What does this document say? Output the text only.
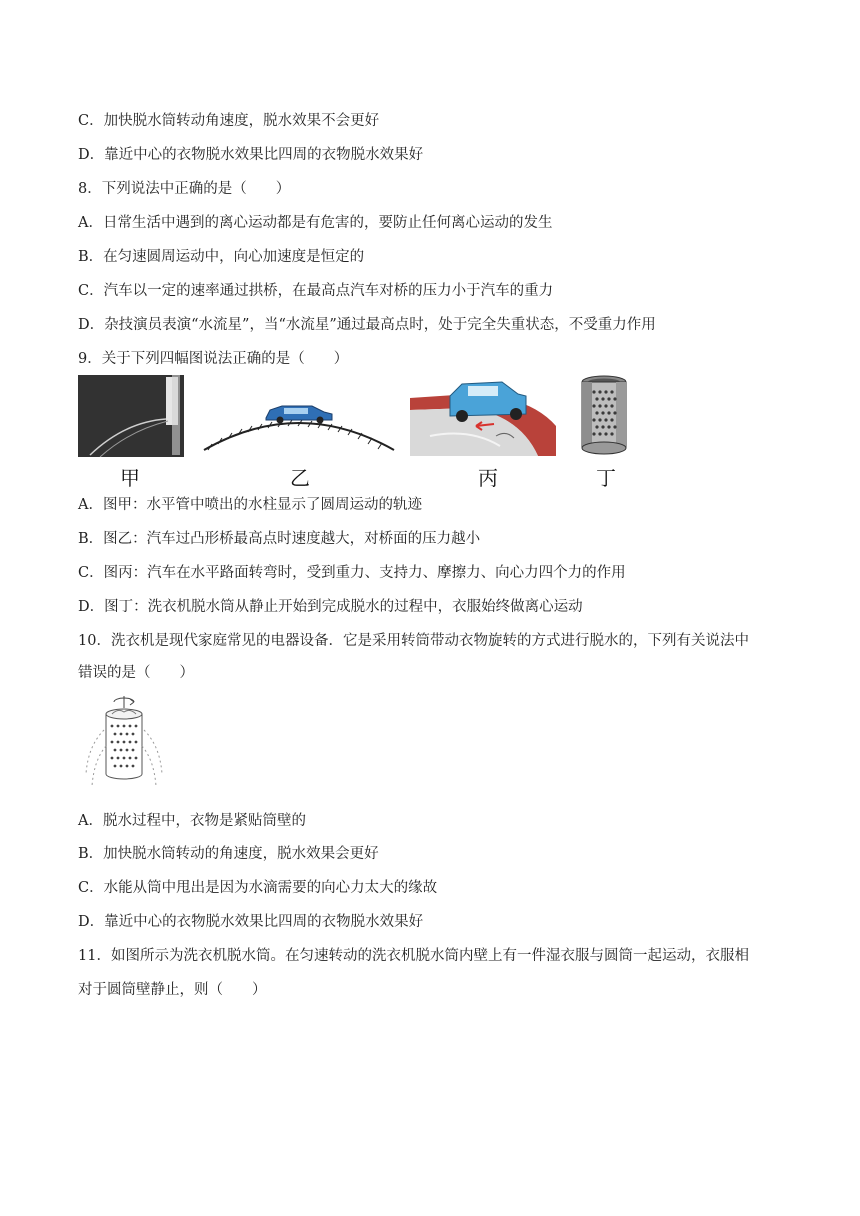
C．加快脱水筒转动角速度，脱水效果不会更好
D．靠近中心的衣物脱水效果比四周的衣物脱水效果好
8．下列说法中正确的是（　　）
A．日常生活中遇到的离心运动都是有危害的，要防止任何离心运动的发生
B．在匀速圆周运动中，向心加速度是恒定的
C．汽车以一定的速率通过拱桥，在最高点汽车对桥的压力小于汽车的重力
D．杂技演员表演“水流星”，当“水流星”通过最高点时，处于完全失重状态，不受重力作用
9．关于下列四幅图说法正确的是（　　）
甲	乙	丙	丁
A．图甲：水平管中喷出的水柱显示了圆周运动的轨迹
B．图乙：汽车过凸形桥最高点时速度越大，对桥面的压力越小
C．图丙：汽车在水平路面转弯时，受到重力、支持力、摩擦力、向心力四个力的作用
D．图丁：洗衣机脱水筒从静止开始到完成脱水的过程中，衣服始终做离心运动
10．洗衣机是现代家庭常见的电器设备．它是采用转筒带动衣物旋转的方式进行脱水的，下列有关说法中
错误的是（　　）
A．脱水过程中，衣物是紧贴筒壁的
B．加快脱水筒转动的角速度，脱水效果会更好
C．水能从筒中甩出是因为水滴需要的向心力太大的缘故
D．靠近中心的衣物脱水效果比四周的衣物脱水效果好
11．如图所示为洗衣机脱水筒。在匀速转动的洗衣机脱水筒内壁上有一件湿衣服与圆筒一起运动，衣服相
对于圆筒壁静止，则（　　）
